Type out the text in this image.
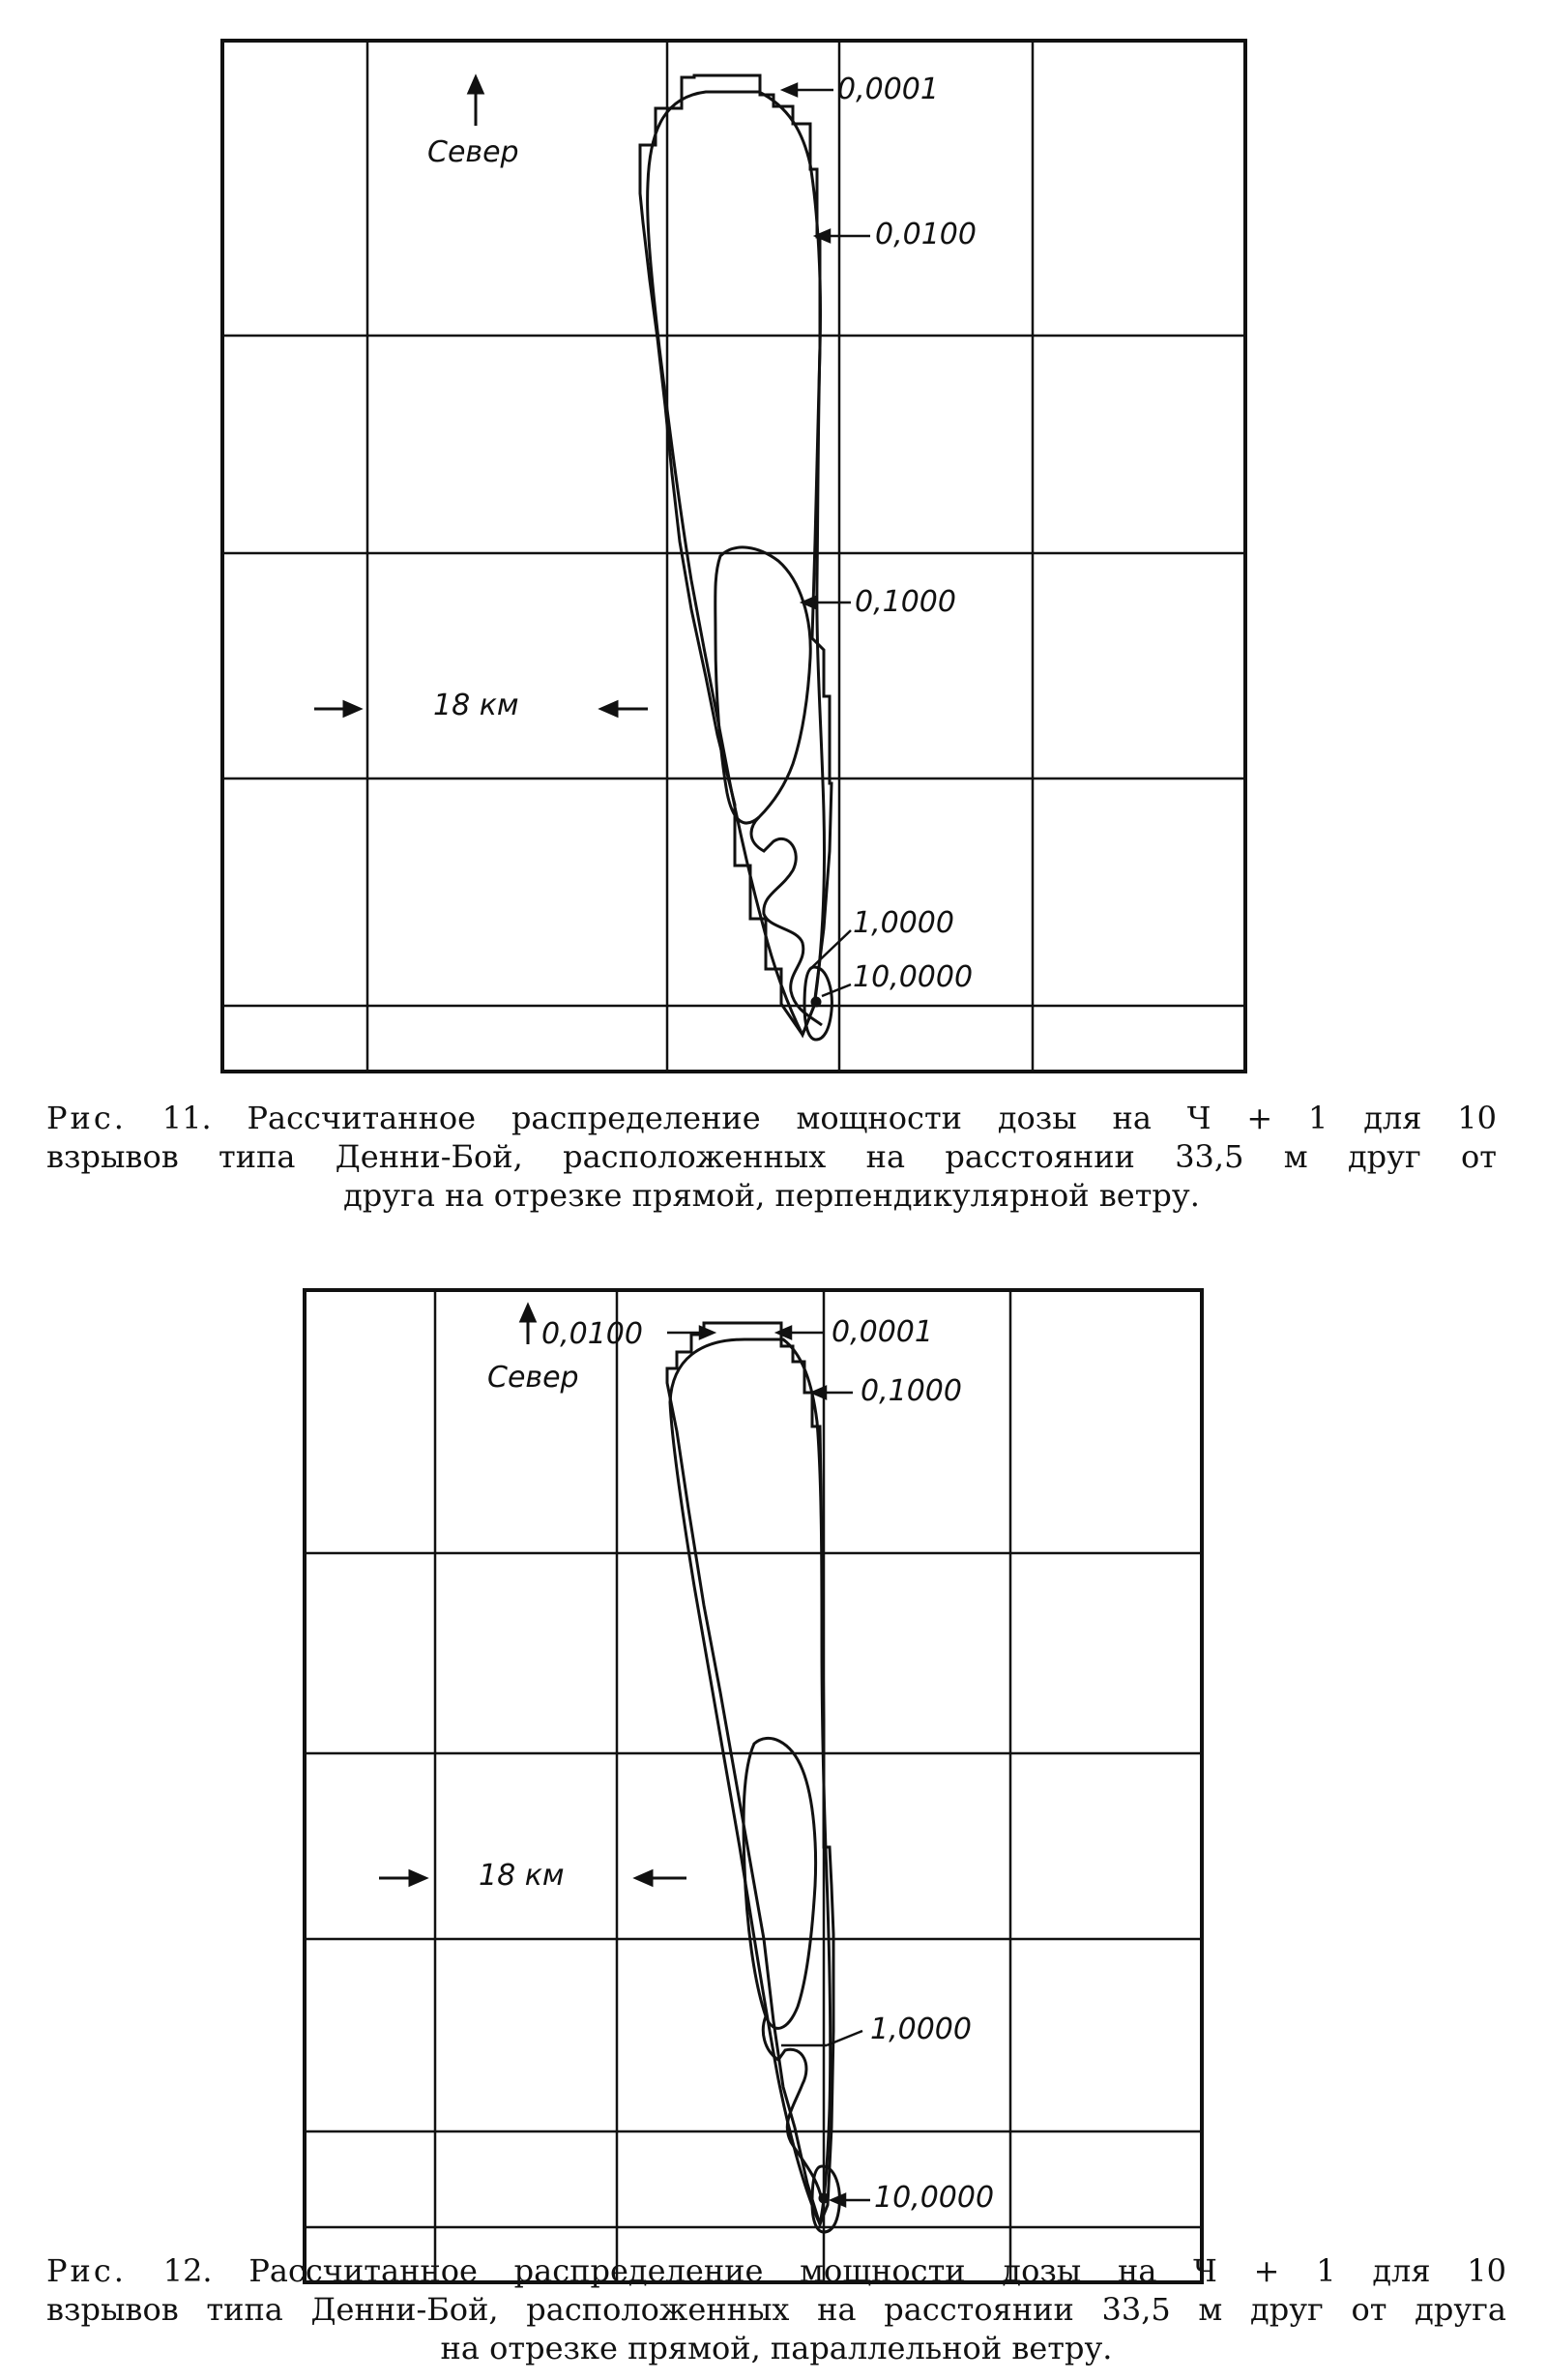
Север
18 км
0,0001
0,0100
0,1000
1,0000
10,0000
Рис. 11. Рассчитанное распределение мощности дозы на Ч + 1 для 10
взрывов типа Денни-Бой, расположенных на расстоянии 33,5 м друг от
друга на отрезке прямой, перпендикулярной ветру.
0,0100
Север
0,0001
0,1000
18 км
1,0000
10,0000
Рис. 12. Рассчитанное распределение мощности дозы на Ч + 1 для 10
взрывов типа Денни-Бой, расположенных на расстоянии 33,5 м друг от друга
на отрезке прямой, параллельной ветру.
